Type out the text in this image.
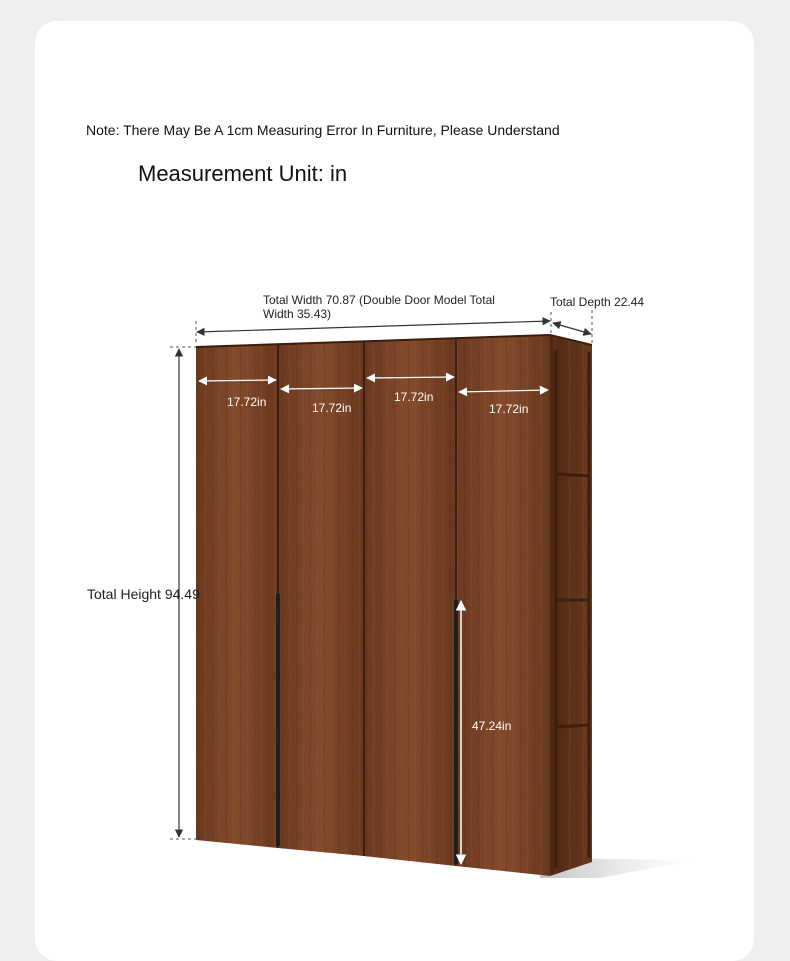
Note: There May Be A 1cm Measuring Error In Furniture, Please Understand
Measurement Unit: in
Total Width 70.87 (Double Door Model Total
Width 35.43)
Total Depth 22.44
Total Height 94.49
17.72in	17.72in
17.72in
17.72in
47.24in
